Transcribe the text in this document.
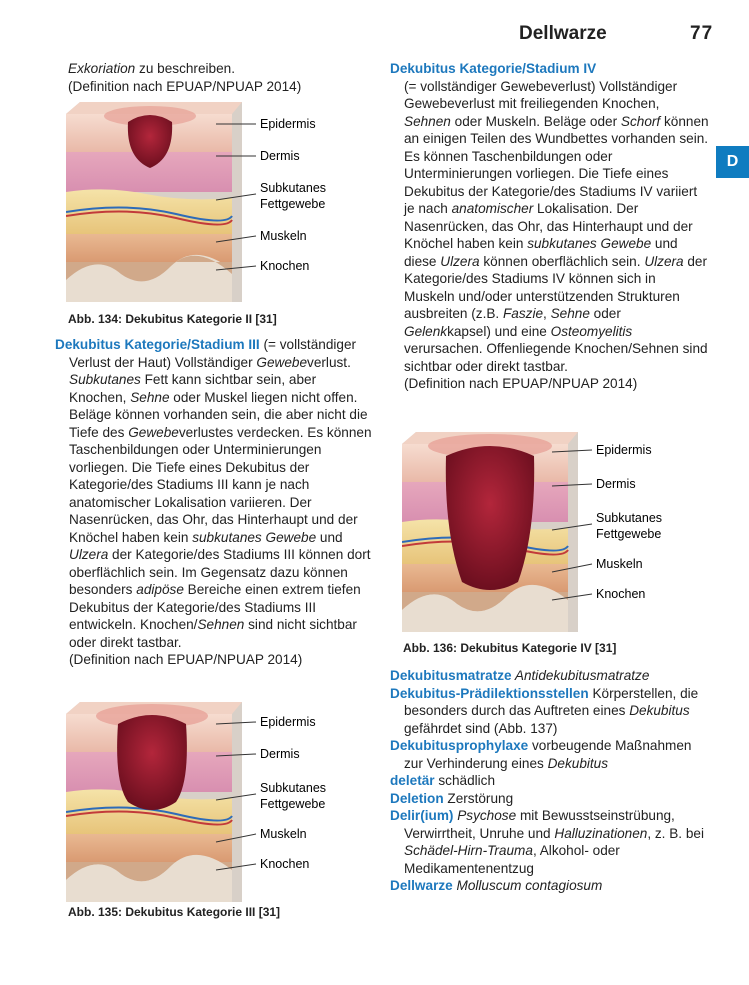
Dellwarze	77
D

Exkoriation zu beschreiben.

(Definition nach EPUAP/NPUAP 2014)

Epidermis
Dermis
Subkutanes
Fettgewebe
Muskeln
Knochen
Abb. 134: Dekubitus Kategorie II [31]

Dekubitus Kategorie/Stadium III (= vollständiger Verlust der Haut) Vollständiger Gewebeverlust. Subkutanes Fett kann sichtbar sein, aber Knochen, Sehne oder Muskel liegen nicht offen. Beläge können vorhanden sein, die aber nicht die Tiefe des Gewebeverlustes verdecken. Es können Taschenbildungen oder Unterminierungen vorliegen. Die Tiefe eines Dekubitus der Kategorie/des Stadiums III kann je nach anatomischer Lokalisation variieren. Der Nasenrücken, das Ohr, das Hinterhaupt und der Knöchel haben kein subkutanes Gewebe und Ulzera der Kategorie/des Stadiums III können dort oberflächlich sein. Im Gegensatz dazu können besonders adipöse Bereiche einen extrem tiefen Dekubitus der Kategorie/des Stadiums III entwickeln. Knochen/Sehnen sind nicht sichtbar oder direkt tastbar.

(Definition nach EPUAP/NPUAP 2014)

Epidermis
Dermis
Subkutanes
Fettgewebe
Muskeln
Knochen
Abb. 135: Dekubitus Kategorie III [31]

Dekubitus Kategorie/Stadium IV

(= vollständiger Gewebeverlust) Vollständiger Gewebeverlust mit freiliegenden Knochen, Sehnen oder Muskeln. Beläge oder Schorf können an einigen Teilen des Wundbettes vorhanden sein. Es können Taschenbildungen oder Unterminierungen vorliegen. Die Tiefe eines Dekubitus der Kategorie/des Stadiums IV variiert je nach anatomischer Lokalisation. Der Nasenrücken, das Ohr, das Hinterhaupt und der Knöchel haben kein subkutanes Gewebe und diese Ulzera können oberflächlich sein. Ulzera der Kategorie/des Stadiums IV können sich in Muskeln und/oder unterstützenden Strukturen ausbreiten (z.B. Faszie, Sehne oder Gelenkkapsel) und eine Osteomyelitis verursachen. Offenliegende Knochen/Sehnen sind sichtbar oder direkt tastbar.

(Definition nach EPUAP/NPUAP 2014)

Epidermis
Dermis
Subkutanes
Fettgewebe
Muskeln
Knochen
Abb. 136: Dekubitus Kategorie IV [31]

Dekubitusmatratze Antidekubitusmatratze

Dekubitus-Prädilektionsstellen Körperstellen, die besonders durch das Auftreten eines Dekubitus gefährdet sind (Abb. 137)

Dekubitusprophylaxe vorbeugende Maßnahmen zur Verhinderung eines Dekubitus

deletär schädlich

Deletion Zerstörung

Delir(ium) Psychose mit Bewusstseinstrübung, Verwirrtheit, Unruhe und Halluzinationen, z. B. bei Schädel-Hirn-Trauma, Alkohol- oder Medikamentenentzug

Dellwarze Molluscum contagiosum
